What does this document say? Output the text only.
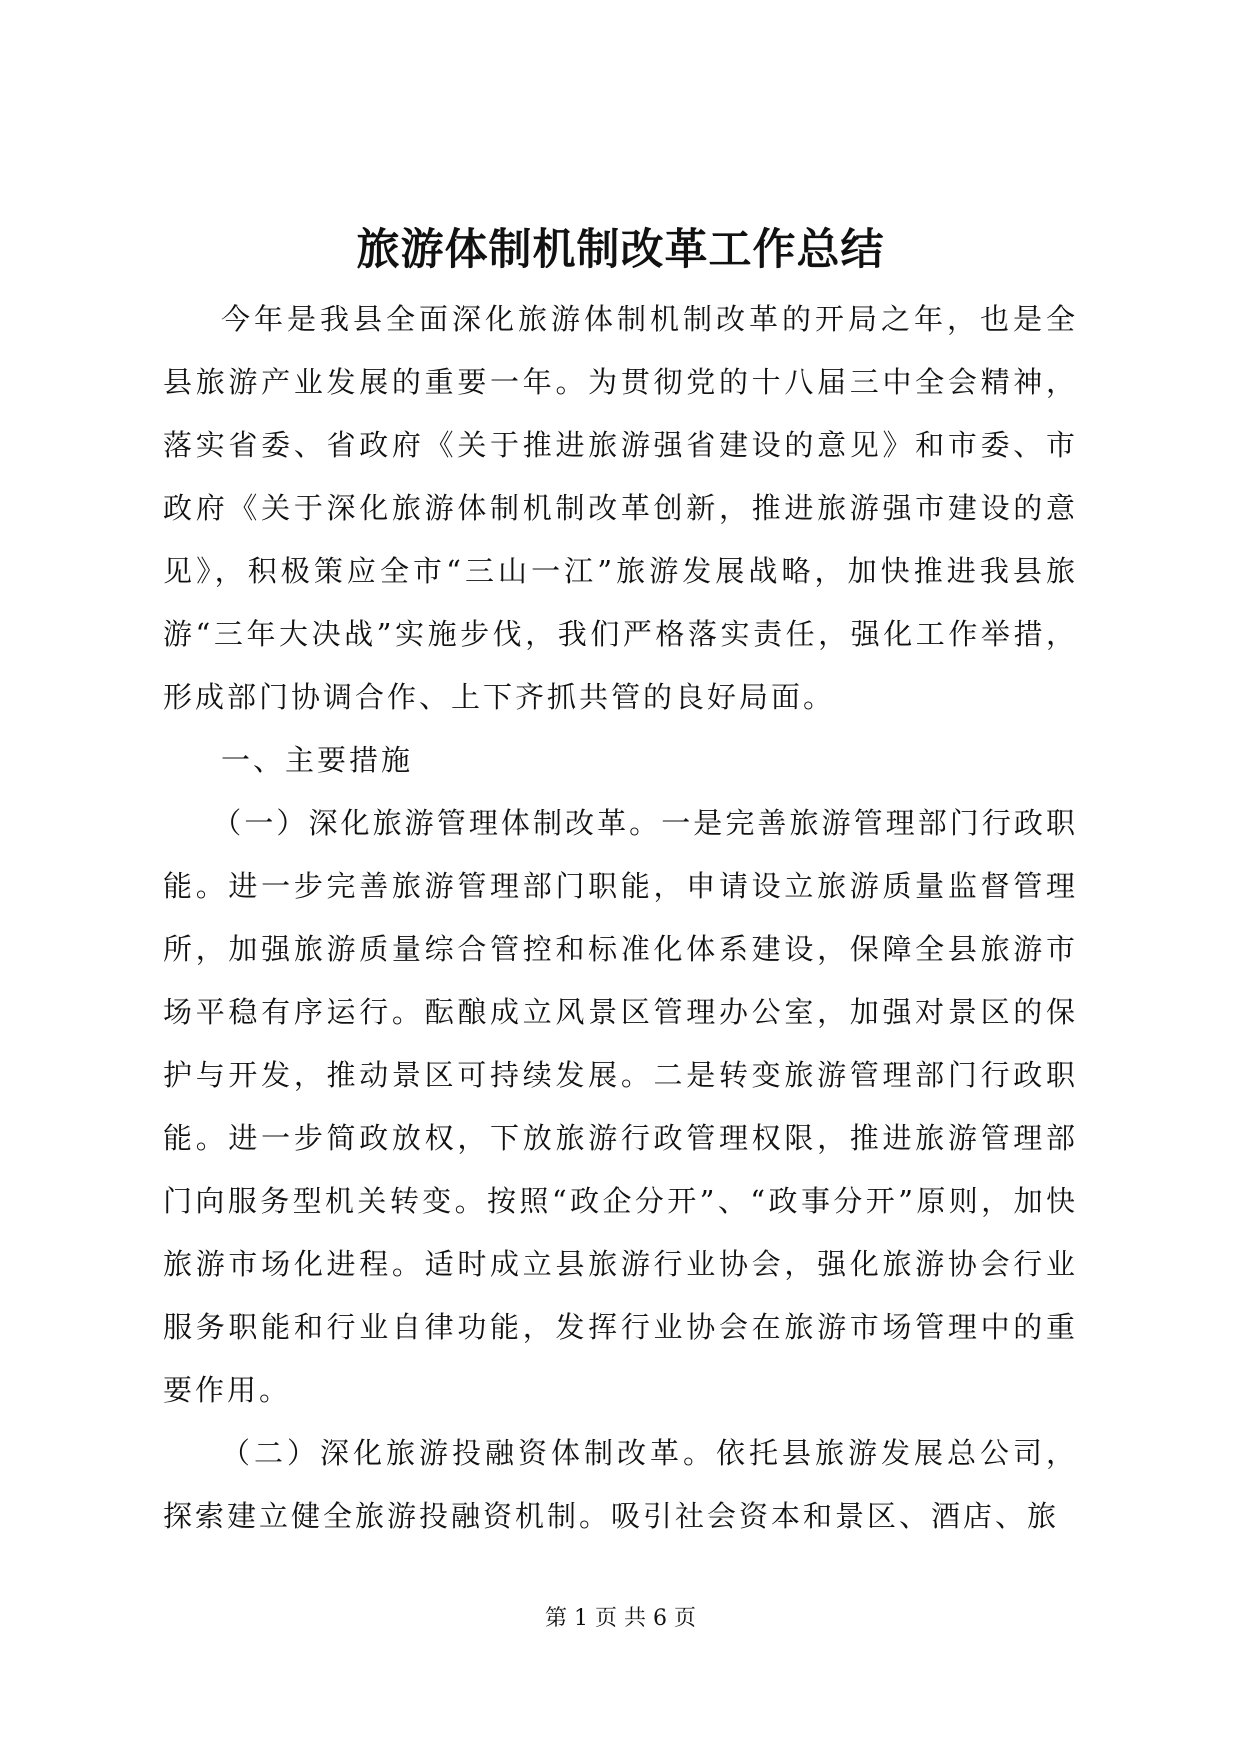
旅游体制机制改革工作总结

今年是我县全面深化旅游体制机制改革的开局之年，也是全县旅游产业发展的重要一年。为贯彻党的十八届三中全会精神，落实省委、省政府《关于推进旅游强省建设的意见》和市委、市政府《关于深化旅游体制机制改革创新，推进旅游强市建设的意见》，积极策应全市“三山一江”旅游发展战略，加快推进我县旅游“三年大决战”实施步伐，我们严格落实责任，强化工作举措，形成部门协调合作、上下齐抓共管的良好局面。

一、主要措施

（一）深化旅游管理体制改革。一是完善旅游管理部门行政职能。进一步完善旅游管理部门职能，申请设立旅游质量监督管理所，加强旅游质量综合管控和标准化体系建设，保障全县旅游市场平稳有序运行。酝酿成立风景区管理办公室，加强对景区的保护与开发，推动景区可持续发展。二是转变旅游管理部门行政职能。进一步简政放权，下放旅游行政管理权限，推进旅游管理部门向服务型机关转变。按照“政企分开”、“政事分开”原则，加快旅游市场化进程。适时成立县旅游行业协会，强化旅游协会行业服务职能和行业自律功能，发挥行业协会在旅游市场管理中的重要作用。

（二）深化旅游投融资体制改革。依托县旅游发展总公司，探索建立健全旅游投融资机制。吸引社会资本和景区、酒店、旅

第 1 页 共 6 页
